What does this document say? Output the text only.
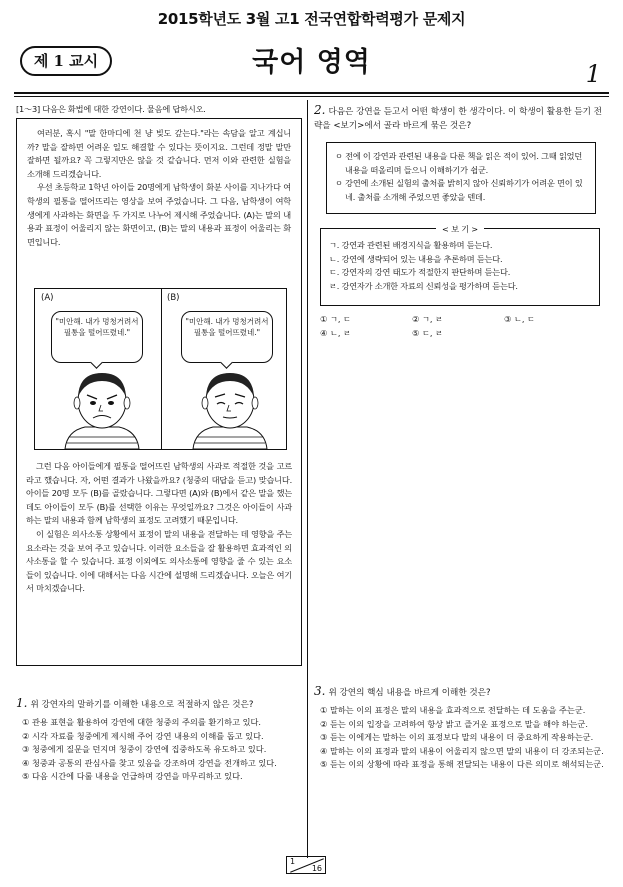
2015학년도 3월 고1 전국연합학력평가 문제지
제 1 교시	국어 영역	1
[1～3] 다음은 화법에 대한 강연이다. 물음에 답하시오.

여러분, 혹시 "말 한마디에 천 냥 빚도 갚는다."라는 속담을 알고 계십니까? 말을 잘하면 어려운 일도 해결할 수 있다는 뜻이지요. 그런데 정말 말만 잘하면 될까요? 꼭 그렇지만은 않을 것 같습니다. 먼저 이와 관련한 실험을 소개해 드리겠습니다.

우선 초등학교 1학년 아이들 20명에게 남학생이 화분 사이를 지나가다 여학생의 필통을 떨어뜨리는 영상을 보여 주었습니다. 그 다음, 남학생이 여학생에게 사과하는 화면을 두 가지로 나누어 제시해 주었습니다. (A)는 말의 내용과 표정이 어울리지 않는 화면이고, (B)는 말의 내용과 표정이 어울리는 화면입니다.

(A)	(B)
"미안해. 내가 멍청거려서 필통을 떨어뜨렸네."
"미안해. 내가 멍청거려서 필통을 떨어뜨렸네."

그런 다음 아이들에게 필통을 떨어뜨린 남학생의 사과로 적절한 것을 고르라고 했습니다. 자, 어떤 결과가 나왔을까요? (청중의 대답을 듣고) 맞습니다. 아이들 20명 모두 (B)를 골랐습니다. 그렇다면 (A)와 (B)에서 같은 말을 했는데도 아이들이 모두 (B)를 선택한 이유는 무엇일까요? 그것은 아이들이 사과하는 말의 내용과 함께 남학생의 표정도 고려했기 때문입니다.

이 실험은 의사소통 상황에서 표정이 말의 내용을 전달하는 데 영향을 주는 요소라는 것을 보여 주고 있습니다. 이러한 요소들을 잘 활용하면 효과적인 의사소통을 할 수 있습니다. 표정 이외에도 의사소통에 영향을 줄 수 있는 요소들이 있습니다. 이에 대해서는 다음 시간에 설명해 드리겠습니다. 오늘은 여기서 마치겠습니다.

1. 위 강연자의 말하기를 이해한 내용으로 적절하지 않은 것은?
① 관용 표현을 활용하여 강연에 대한 청중의 주의를 환기하고 있다.
② 시각 자료를 청중에게 제시해 주어 강연 내용의 이해를 돕고 있다.
③ 청중에게 질문을 던지며 청중이 강연에 집중하도록 유도하고 있다.
④ 청중과 공통의 관심사를 찾고 있음을 강조하며 강연을 전개하고 있다.
⑤ 다음 시간에 다룰 내용을 언급하며 강연을 마무리하고 있다.
2. 다음은 강연을 듣고서 어떤 학생이 한 생각이다. 이 학생이 활용한 듣기 전략을 <보기>에서 골라 바르게 묶은 것은?
ㅇ 전에 이 강연과 관련된 내용을 다룬 책을 읽은 적이 있어. 그때 읽었던 내용을 떠올리며 들으니 이해하기가 쉽군.
ㅇ 강연에 소개된 실험의 출처를 밝히지 않아 신뢰하기가 어려운 면이 있네. 출처를 소개해 주었으면 좋았을 텐데.
< 보 기 >
ㄱ. 강연과 관련된 배경지식을 활용하며 듣는다.
ㄴ. 강연에 생략되어 있는 내용을 추론하며 듣는다.
ㄷ. 강연자의 강연 태도가 적절한지 판단하며 듣는다.
ㄹ. 강연자가 소개한 자료의 신뢰성을 평가하며 듣는다.
① ㄱ, ㄷ	② ㄱ, ㄹ	③ ㄴ, ㄷ
④ ㄴ, ㄹ	⑤ ㄷ, ㄹ
3. 위 강연의 핵심 내용을 바르게 이해한 것은?
① 말하는 이의 표정은 말의 내용을 효과적으로 전달하는 데 도움을 주는군.
② 듣는 이의 입장을 고려하여 항상 밝고 즐거운 표정으로 말을 해야 하는군.
③ 듣는 이에게는 말하는 이의 표정보다 말의 내용이 더 중요하게 작용하는군.
④ 말하는 이의 표정과 말의 내용이 어울리지 않으면 말의 내용이 더 강조되는군.
⑤ 듣는 이의 상황에 따라 표정을 통해 전달되는 내용이 다른 의미로 해석되는군.
1
16
